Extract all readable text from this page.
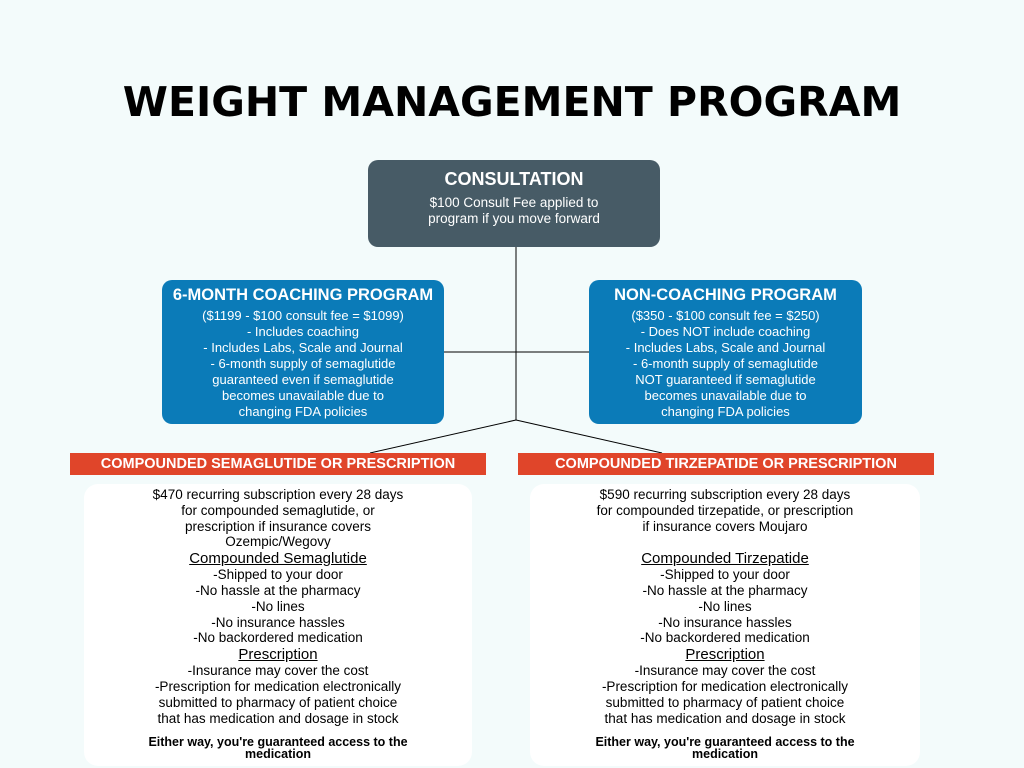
WEIGHT MANAGEMENT PROGRAM
CONSULTATION
$100 Consult Fee applied to
program if you move forward
6-MONTH COACHING PROGRAM
($1199 - $100 consult fee = $1099)
- Includes coaching
- Includes Labs, Scale and Journal
- 6-month supply of semaglutide
guaranteed even if semaglutide
becomes unavailable due to
changing FDA policies
NON-COACHING PROGRAM
($350 - $100 consult fee = $250)
- Does NOT include coaching
- Includes Labs, Scale and Journal
- 6-month supply of semaglutide
NOT guaranteed if semaglutide
becomes unavailable due to
changing FDA policies
COMPOUNDED SEMAGLUTIDE OR PRESCRIPTION	COMPOUNDED TIRZEPATIDE OR PRESCRIPTION
$470 recurring subscription every 28 days
for compounded semaglutide, or
prescription if insurance covers
Ozempic/Wegovy
Compounded Semaglutide
-Shipped to your door
-No hassle at the pharmacy
-No lines
-No insurance hassles
-No backordered medication
Prescription
-Insurance may cover the cost
-Prescription for medication electronically
submitted to pharmacy of patient choice
that has medication and dosage in stock
Either way, you're guaranteed access to the
medication
$590 recurring subscription every 28 days
for compounded tirzepatide, or prescription
if insurance covers Moujaro
Compounded Tirzepatide
-Shipped to your door
-No hassle at the pharmacy
-No lines
-No insurance hassles
-No backordered medication
Prescription
-Insurance may cover the cost
-Prescription for medication electronically
submitted to pharmacy of patient choice
that has medication and dosage in stock
Either way, you're guaranteed access to the
medication
